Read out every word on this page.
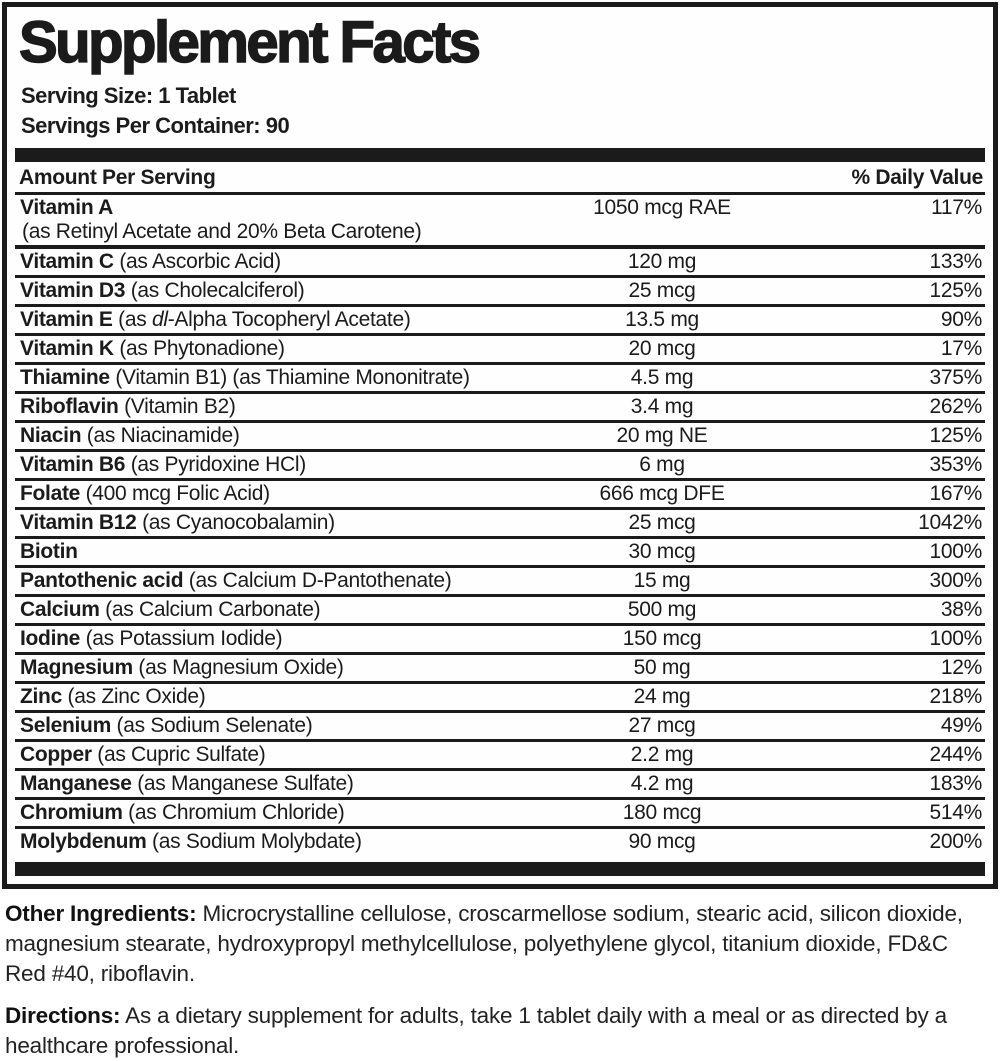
Supplement Facts
Serving Size: 1 Tablet
Servings Per Container: 90
Amount Per Serving	% Daily Value
Vitamin A
(as Retinyl Acetate and 20% Beta Carotene)
1050 mcg RAE	117%
Vitamin C (as Ascorbic Acid)	120 mg	133%
Vitamin D3 (as Cholecalciferol)	25 mcg	125%
Vitamin E (as dl-Alpha Tocopheryl Acetate)	13.5 mg	90%
Vitamin K (as Phytonadione)	20 mcg	17%
Thiamine (Vitamin B1) (as Thiamine Mononitrate)	4.5 mg	375%
Riboflavin (Vitamin B2)	3.4 mg	262%
Niacin (as Niacinamide)	20 mg NE	125%
Vitamin B6 (as Pyridoxine HCl)	6 mg	353%
Folate (400 mcg Folic Acid)	666 mcg DFE	167%
Vitamin B12 (as Cyanocobalamin)	25 mcg	1042%
Biotin	30 mcg	100%
Pantothenic acid (as Calcium D-Pantothenate)	15 mg	300%
Calcium (as Calcium Carbonate)	500 mg	38%
Iodine (as Potassium Iodide)	150 mcg	100%
Magnesium (as Magnesium Oxide)	50 mg	12%
Zinc (as Zinc Oxide)	24 mg	218%
Selenium (as Sodium Selenate)	27 mcg	49%
Copper (as Cupric Sulfate)	2.2 mg	244%
Manganese (as Manganese Sulfate)	4.2 mg	183%
Chromium (as Chromium Chloride)	180 mcg	514%
Molybdenum (as Sodium Molybdate)	90 mcg	200%

Other Ingredients: Microcrystalline cellulose, croscarmellose sodium, stearic acid, silicon dioxide, magnesium stearate, hydroxypropyl methylcellulose, polyethylene glycol, titanium dioxide, FD&C Red #40, riboflavin.

Directions: As a dietary supplement for adults, take 1 tablet daily with a meal or as directed by a healthcare professional.
